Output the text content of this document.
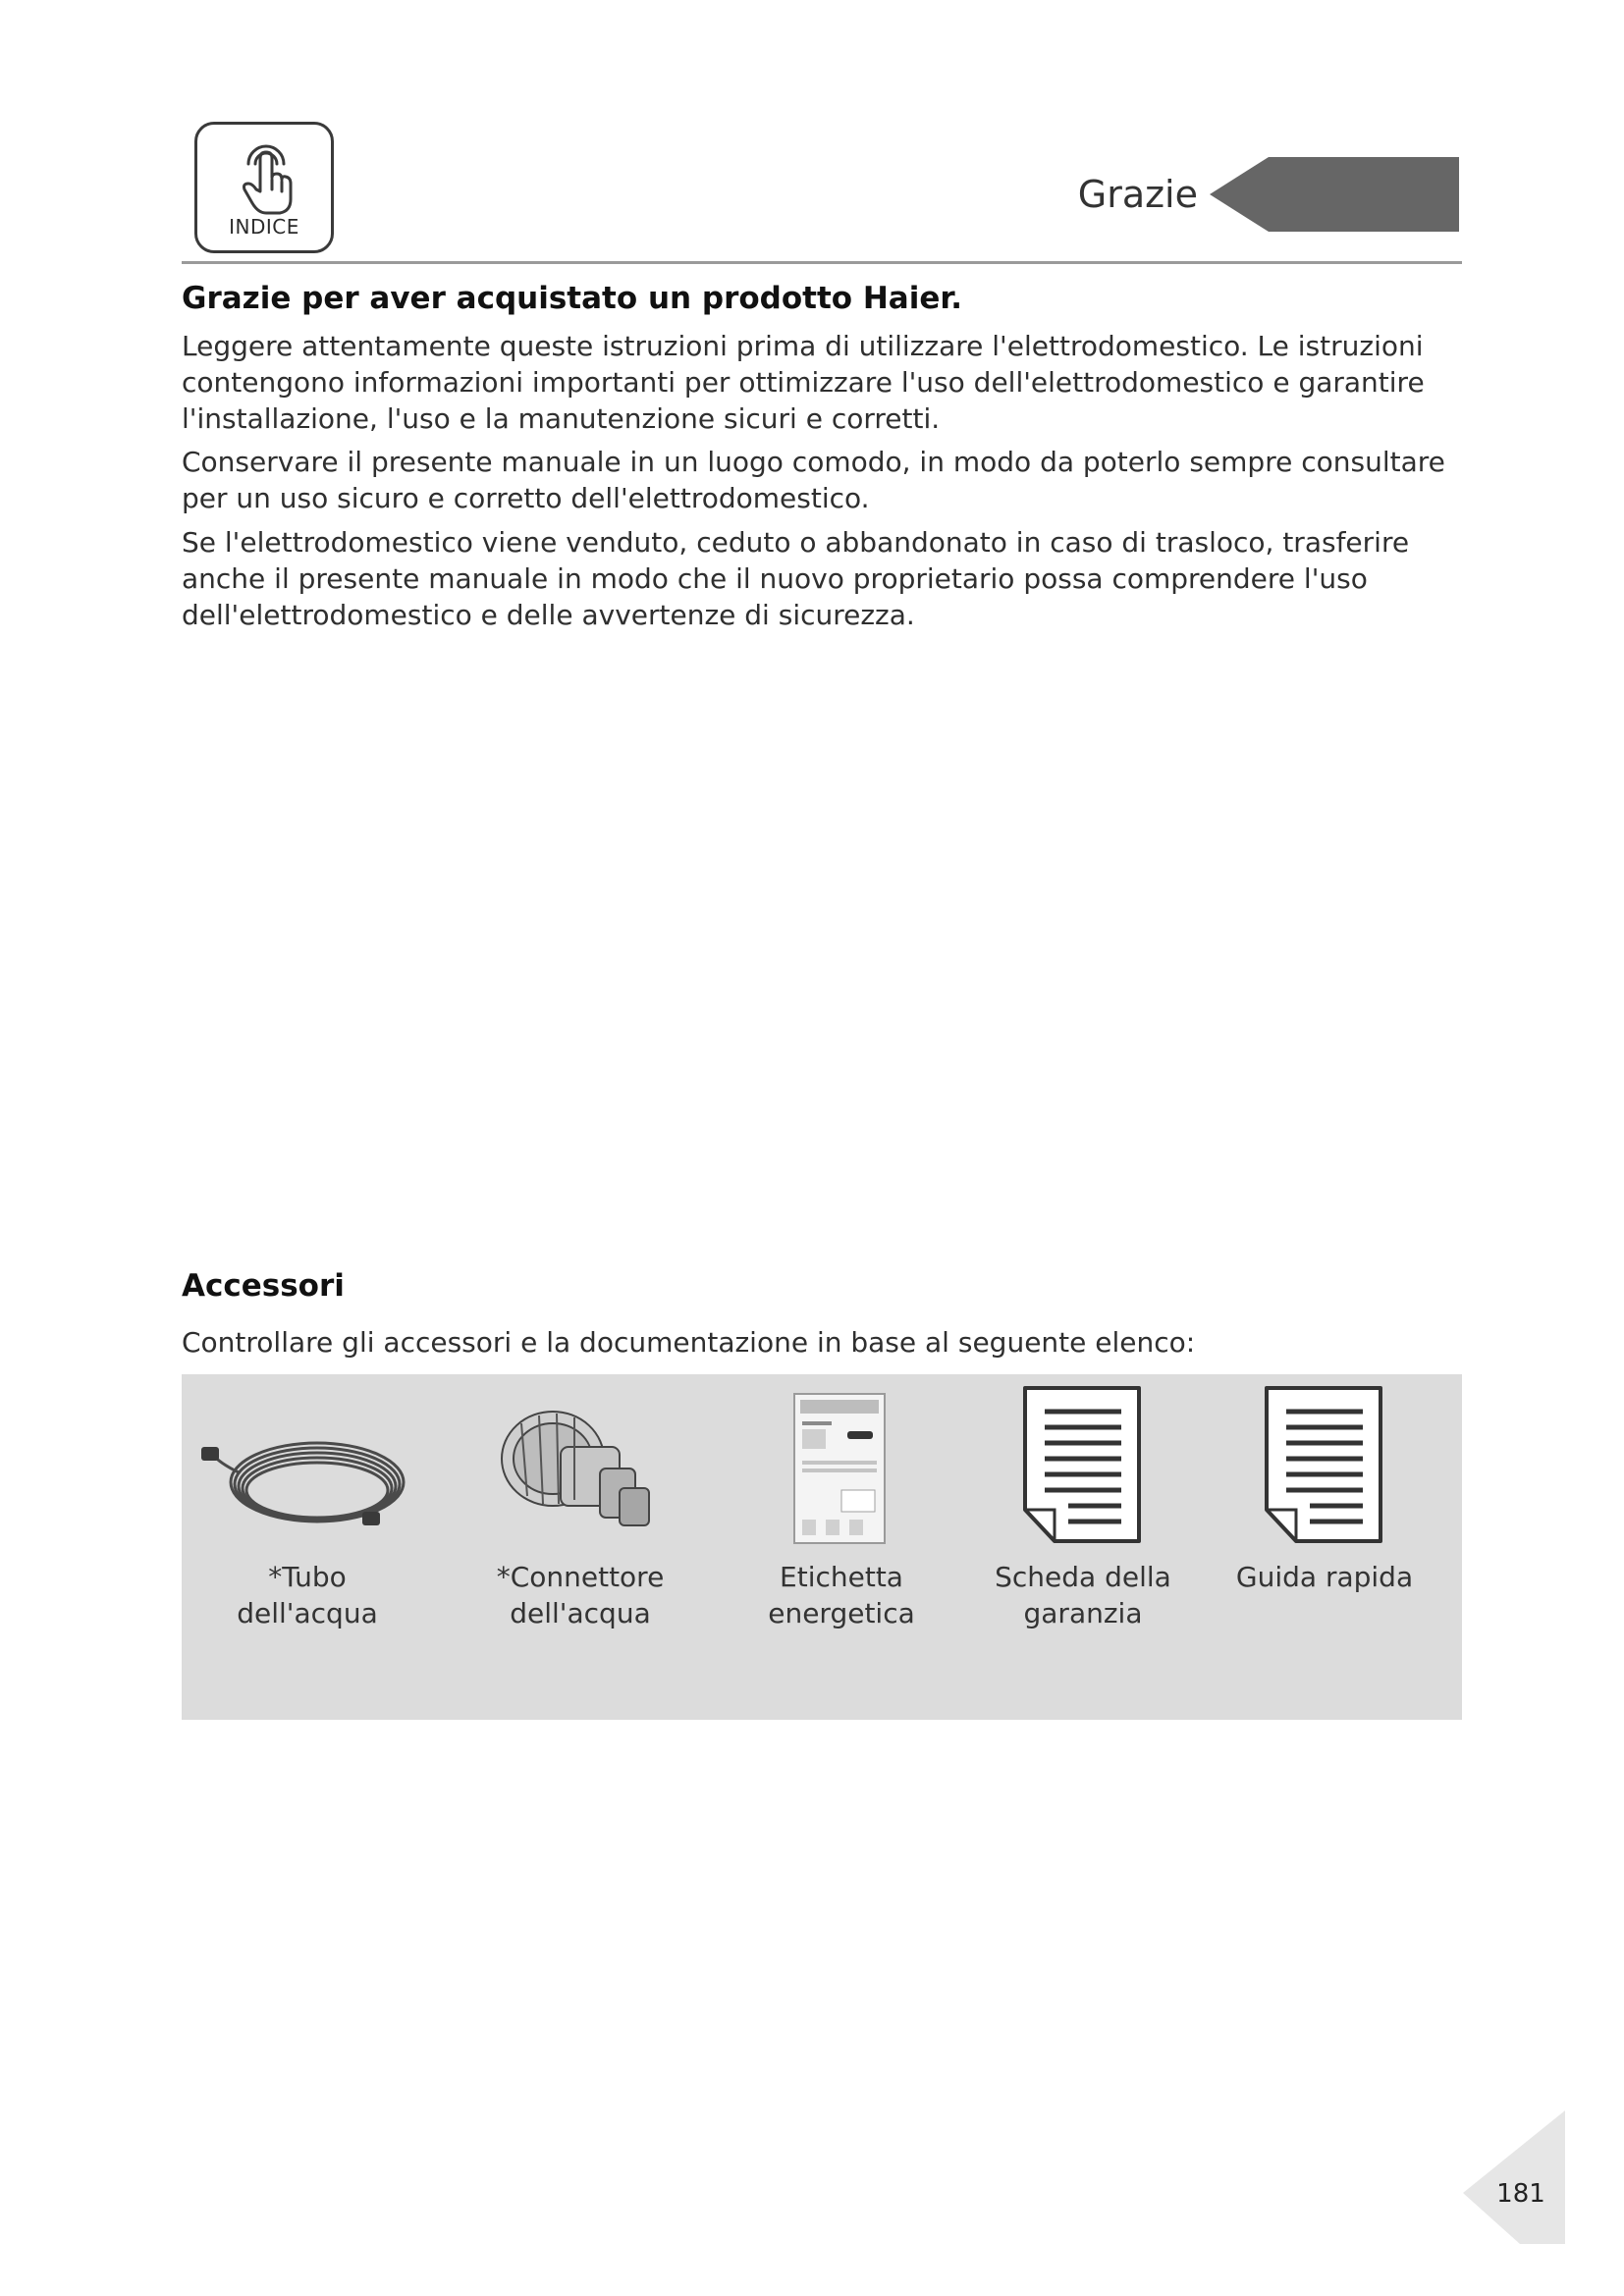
INDICE
Grazie
Grazie per aver acquistato un prodotto Haier.

Leggere attentamente queste istruzioni prima di utilizzare l'elettrodomestico. Le istruzioni contengono informazioni importanti per ottimizzare l'uso dell'elettrodomestico e garantire l'installazione, l'uso e la manutenzione sicuri e corretti.

Conservare il presente manuale in un luogo comodo, in modo da poterlo sempre consultare per un uso sicuro e corretto dell'elettrodomestico.

Se l'elettrodomestico viene venduto, ceduto o abbandonato in caso di trasloco, trasferire anche il presente manuale in modo che il nuovo proprietario possa comprendere l'uso dell'elettrodomestico e delle avvertenze di sicurezza.

Accessori

Controllare gli accessori e la documentazione in base al seguente elenco:

*Tubo
dell'acqua
*Connettore
dell'acqua
Etichetta
energetica
Scheda della
garanzia
Guida rapida
181
